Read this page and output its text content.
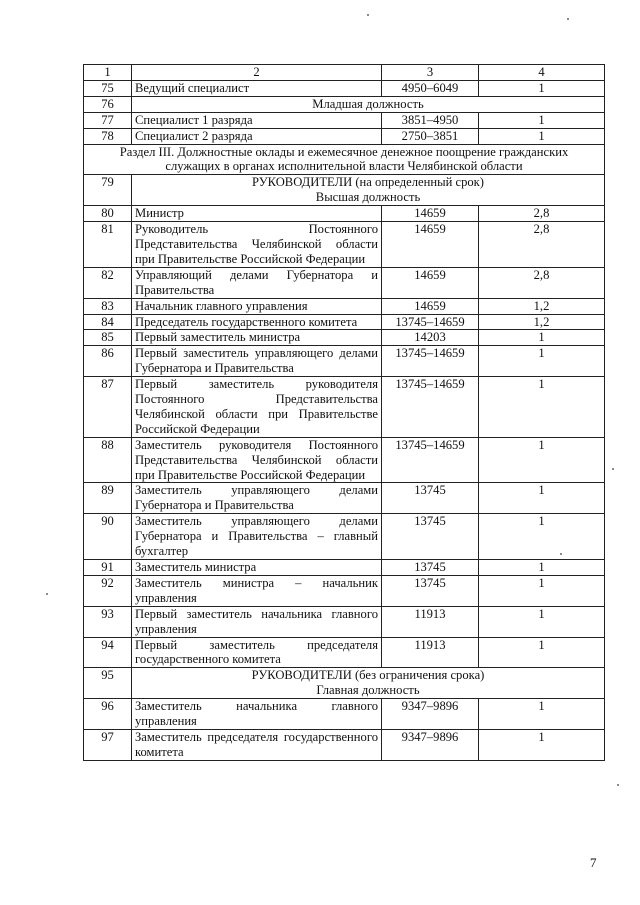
1	2	3	4
75	Ведущий специалист	4950–6049	1
76	Младшая должность		

77	Специалист 1 разряда	3851–4950	1
78	Специалист 2 разряда	2750–3851	1

Раздел III. Должностные оклады и ежемесячное денежное поощрение гражданских
служащих в органах исполнительной власти Челябинской области			

79	РУКОВОДИТЕЛИ (на определенный срок)
Высшая должность		

80	Министр	14659	2,8
81	Руководитель Постоянного Представительства Челябинской области при Правительстве Российской Федерации	14659	2,8
82	Управляющий делами Губернатора и Правительства	14659	2,8
83	Начальник главного управления	14659	1,2
84	Председатель государственного комитета	13745–14659	1,2
85	Первый заместитель министра	14203	1
86	Первый заместитель управляющего делами Губернатора и Правительства	13745–14659	1
87	Первый заместитель руководителя Постоянного Представительства Челябинской области при Правительстве Российской Федерации	13745–14659	1
88	Заместитель руководителя Постоянного Представительства Челябинской области при Правительстве Российской Федерации	13745–14659	1
89	Заместитель управляющего делами Губернатора и Правительства	13745	1
90	Заместитель управляющего делами Губернатора и Правительства – главный бухгалтер	13745	1
91	Заместитель министра	13745	1
92	Заместитель министра – начальник управления	13745	1
93	Первый заместитель начальника главного управления	11913	1
94	Первый заместитель председателя государственного комитета	11913	1
95	РУКОВОДИТЕЛИ (без ограничения срока)
Главная должность		

96	Заместитель начальника главного управления	9347–9896	1
97	Заместитель председателя государственного комитета	9347–9896	1
7
